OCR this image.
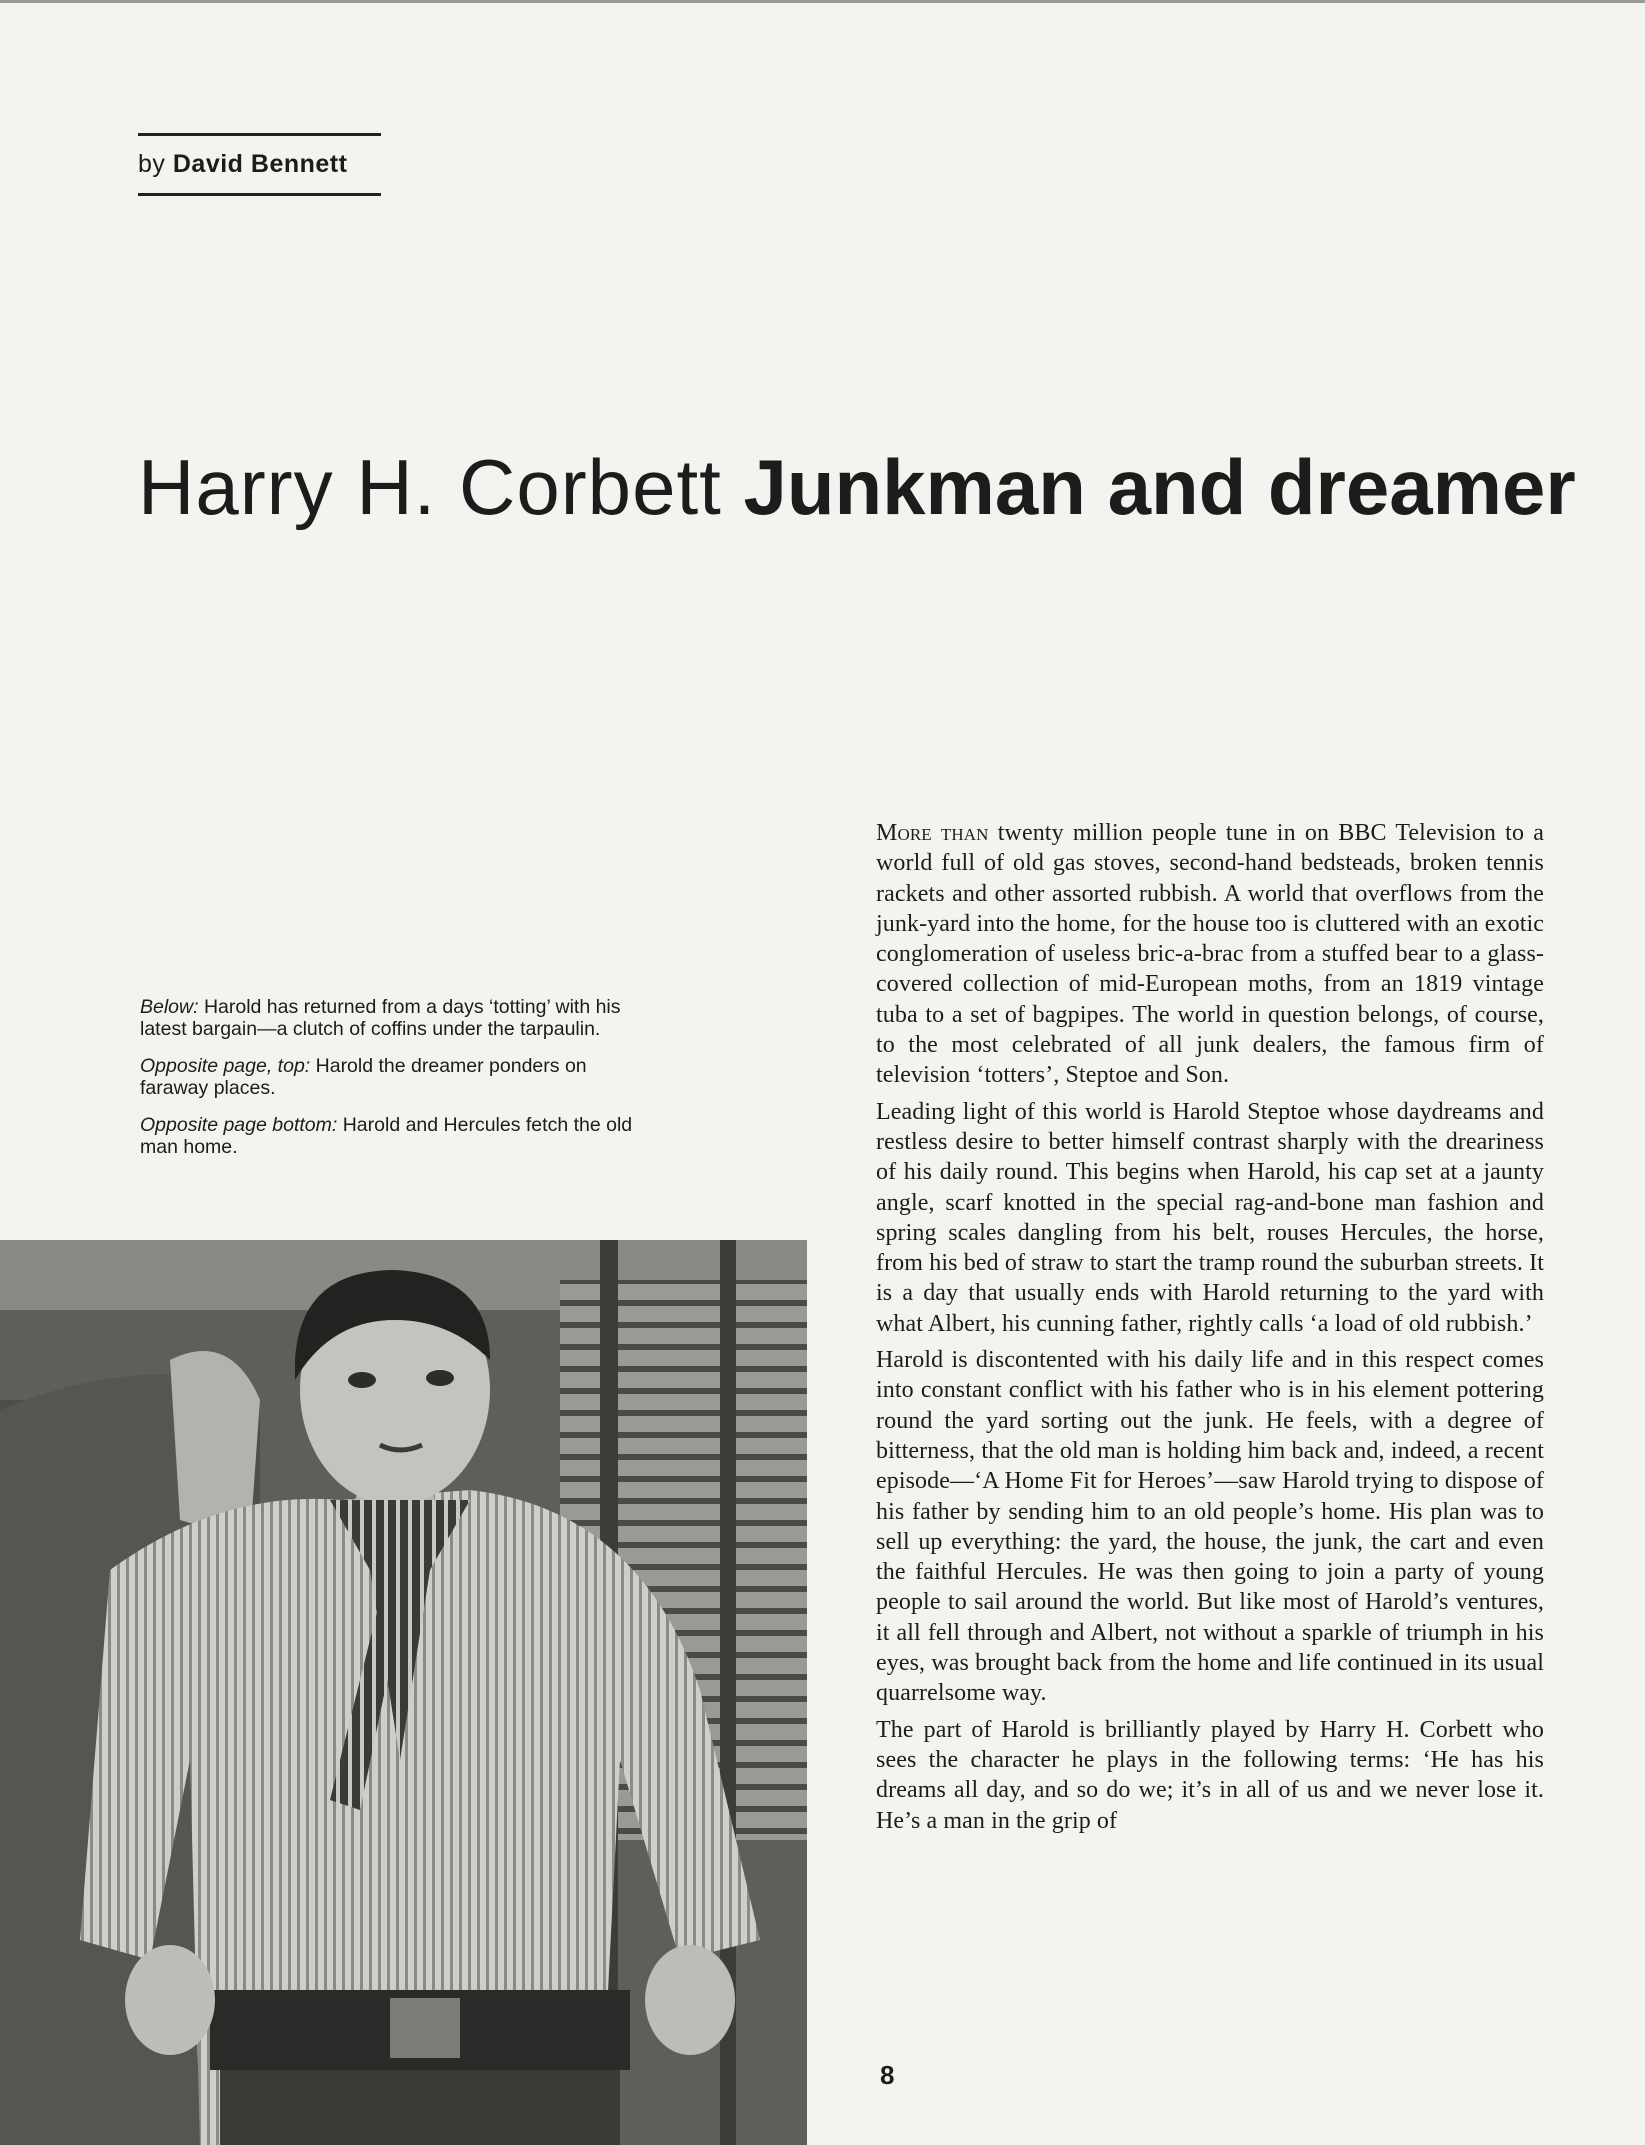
by David Bennett
Harry H. Corbett Junkman and dreamer

Below: Harold has returned from a days ‘totting’ with his latest bargain—a clutch of coffins under the tarpaulin.

Opposite page, top: Harold the dreamer ponders on faraway places.

Opposite page bottom: Harold and Hercules fetch the old man home.

More than twenty million people tune in on BBC Television to a world full of old gas stoves, second-hand bedsteads, broken tennis rackets and other assorted rubbish. A world that overflows from the junk-yard into the home, for the house too is cluttered with an exotic conglomeration of useless bric-a-brac from a stuffed bear to a glass-covered collection of mid-European moths, from an 1819 vintage tuba to a set of bagpipes. The world in question belongs, of course, to the most celebrated of all junk dealers, the famous firm of television ‘totters’, Steptoe and Son.

Leading light of this world is Harold Steptoe whose daydreams and restless desire to better himself contrast sharply with the dreariness of his daily round. This begins when Harold, his cap set at a jaunty angle, scarf knotted in the special rag-and-bone man fashion and spring scales dangling from his belt, rouses Hercules, the horse, from his bed of straw to start the tramp round the suburban streets. It is a day that usually ends with Harold returning to the yard with what Albert, his cunning father, rightly calls ‘a load of old rubbish.’

Harold is discontented with his daily life and in this respect comes into constant conflict with his father who is in his element pottering round the yard sorting out the junk. He feels, with a degree of bitterness, that the old man is holding him back and, indeed, a recent episode—‘A Home Fit for Heroes’—saw Harold trying to dispose of his father by sending him to an old people’s home. His plan was to sell up everything: the yard, the house, the junk, the cart and even the faithful Hercules. He was then going to join a party of young people to sail around the world. But like most of Harold’s ventures, it all fell through and Albert, not without a sparkle of triumph in his eyes, was brought back from the home and life continued in its usual quarrelsome way.

The part of Harold is brilliantly played by Harry H. Corbett who sees the character he plays in the following terms: ‘He has his dreams all day, and so do we; it’s in all of us and we never lose it. He’s a man in the grip of

8
